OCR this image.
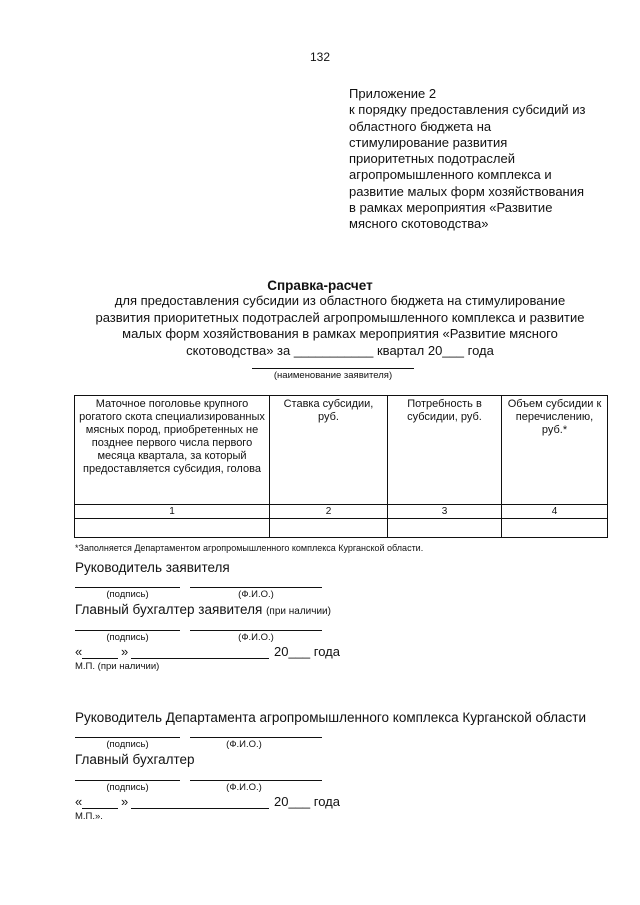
132
Приложение 2
к порядку предоставления субсидий из
областного бюджета на
стимулирование развития
приоритетных подотраслей
агропромышленного комплекса и
развитие малых форм хозяйствования
в рамках мероприятия «Развитие
мясного скотоводства»
Справка-расчет
для предоставления субсидии из областного бюджета на стимулирование
развития приоритетных подотраслей агропромышленного комплекса и развитие
малых форм хозяйствования в рамках мероприятия «Развитие мясного
скотоводства» за ___________ квартал 20___ года
(наименование заявителя)
Маточное поголовье крупного рогатого скота специализированных мясных пород, приобретенных не позднее первого числа первого месяца квартала, за который предоставляется субсидия, голова	Ставка субсидии, руб.	Потребность в субсидии, руб.	Объем субсидии к перечислению, руб.*
1	2	3	4

*Заполняется Департаментом агропромышленного комплекса Курганской области.
Руководитель заявителя
(подпись)	(Ф.И.О.)
Главный бухгалтер заявителя (при наличии)
(подпись)	(Ф.И.О.)
«	»	20___ года
М.П. (при наличии)
Руководитель Департамента агропромышленного комплекса Курганской области
(подпись)	(Ф.И.О.)
Главный бухгалтер
(подпись)	(Ф.И.О.)
«	»	20___ года
М.П.».
